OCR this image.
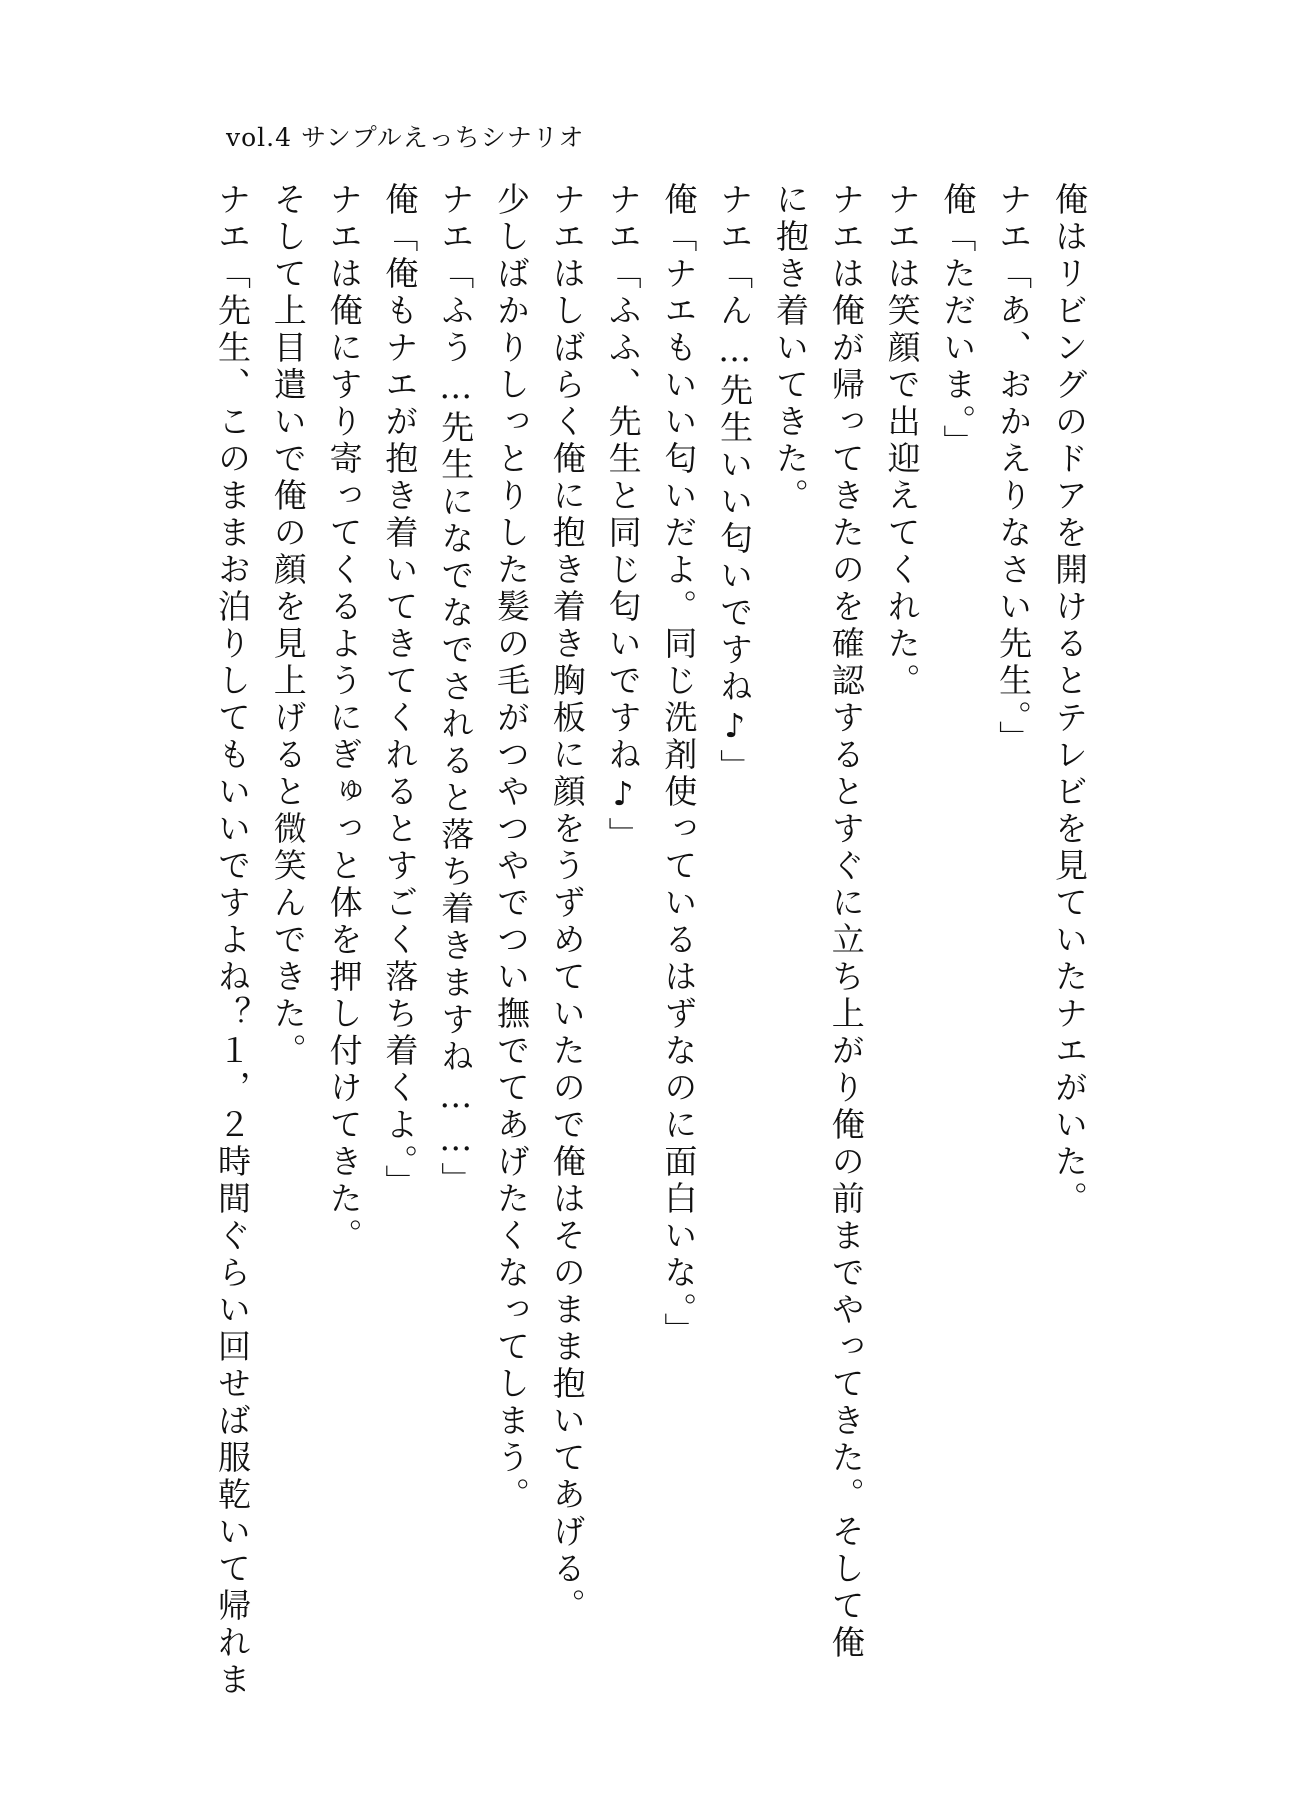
vol.4 サンプルえっちシナリオ

俺はリビングのドアを開けるとテレビを見ていたナエがいた。

ナエ「あ、おかえりなさい先生。」

俺「ただいま。」

ナエは笑顔で出迎えてくれた。

ナエは俺が帰ってきたのを確認するとすぐに立ち上がり俺の前までやってきた。そして俺

に抱き着いてきた。

ナエ「ん…先生いい匂いですね♪」

俺「ナエもいい匂いだよ。同じ洗剤使っているはずなのに面白いな。」

ナエ「ふふ、先生と同じ匂いですね♪」

ナエはしばらく俺に抱き着き胸板に顔をうずめていたので俺はそのまま抱いてあげる。

少しばかりしっとりした髪の毛がつやつやでつい撫でてあげたくなってしまう。

ナエ「ふう…先生になでなでされると落ち着きますね……」

俺「俺もナエが抱き着いてきてくれるとすごく落ち着くよ。」

ナエは俺にすり寄ってくるようにぎゅっと体を押し付けてきた。

そして上目遣いで俺の顔を見上げると微笑んできた。

ナエ「先生、このままお泊りしてもいいですよね？１，２時間ぐらい回せば服乾いて帰れま
